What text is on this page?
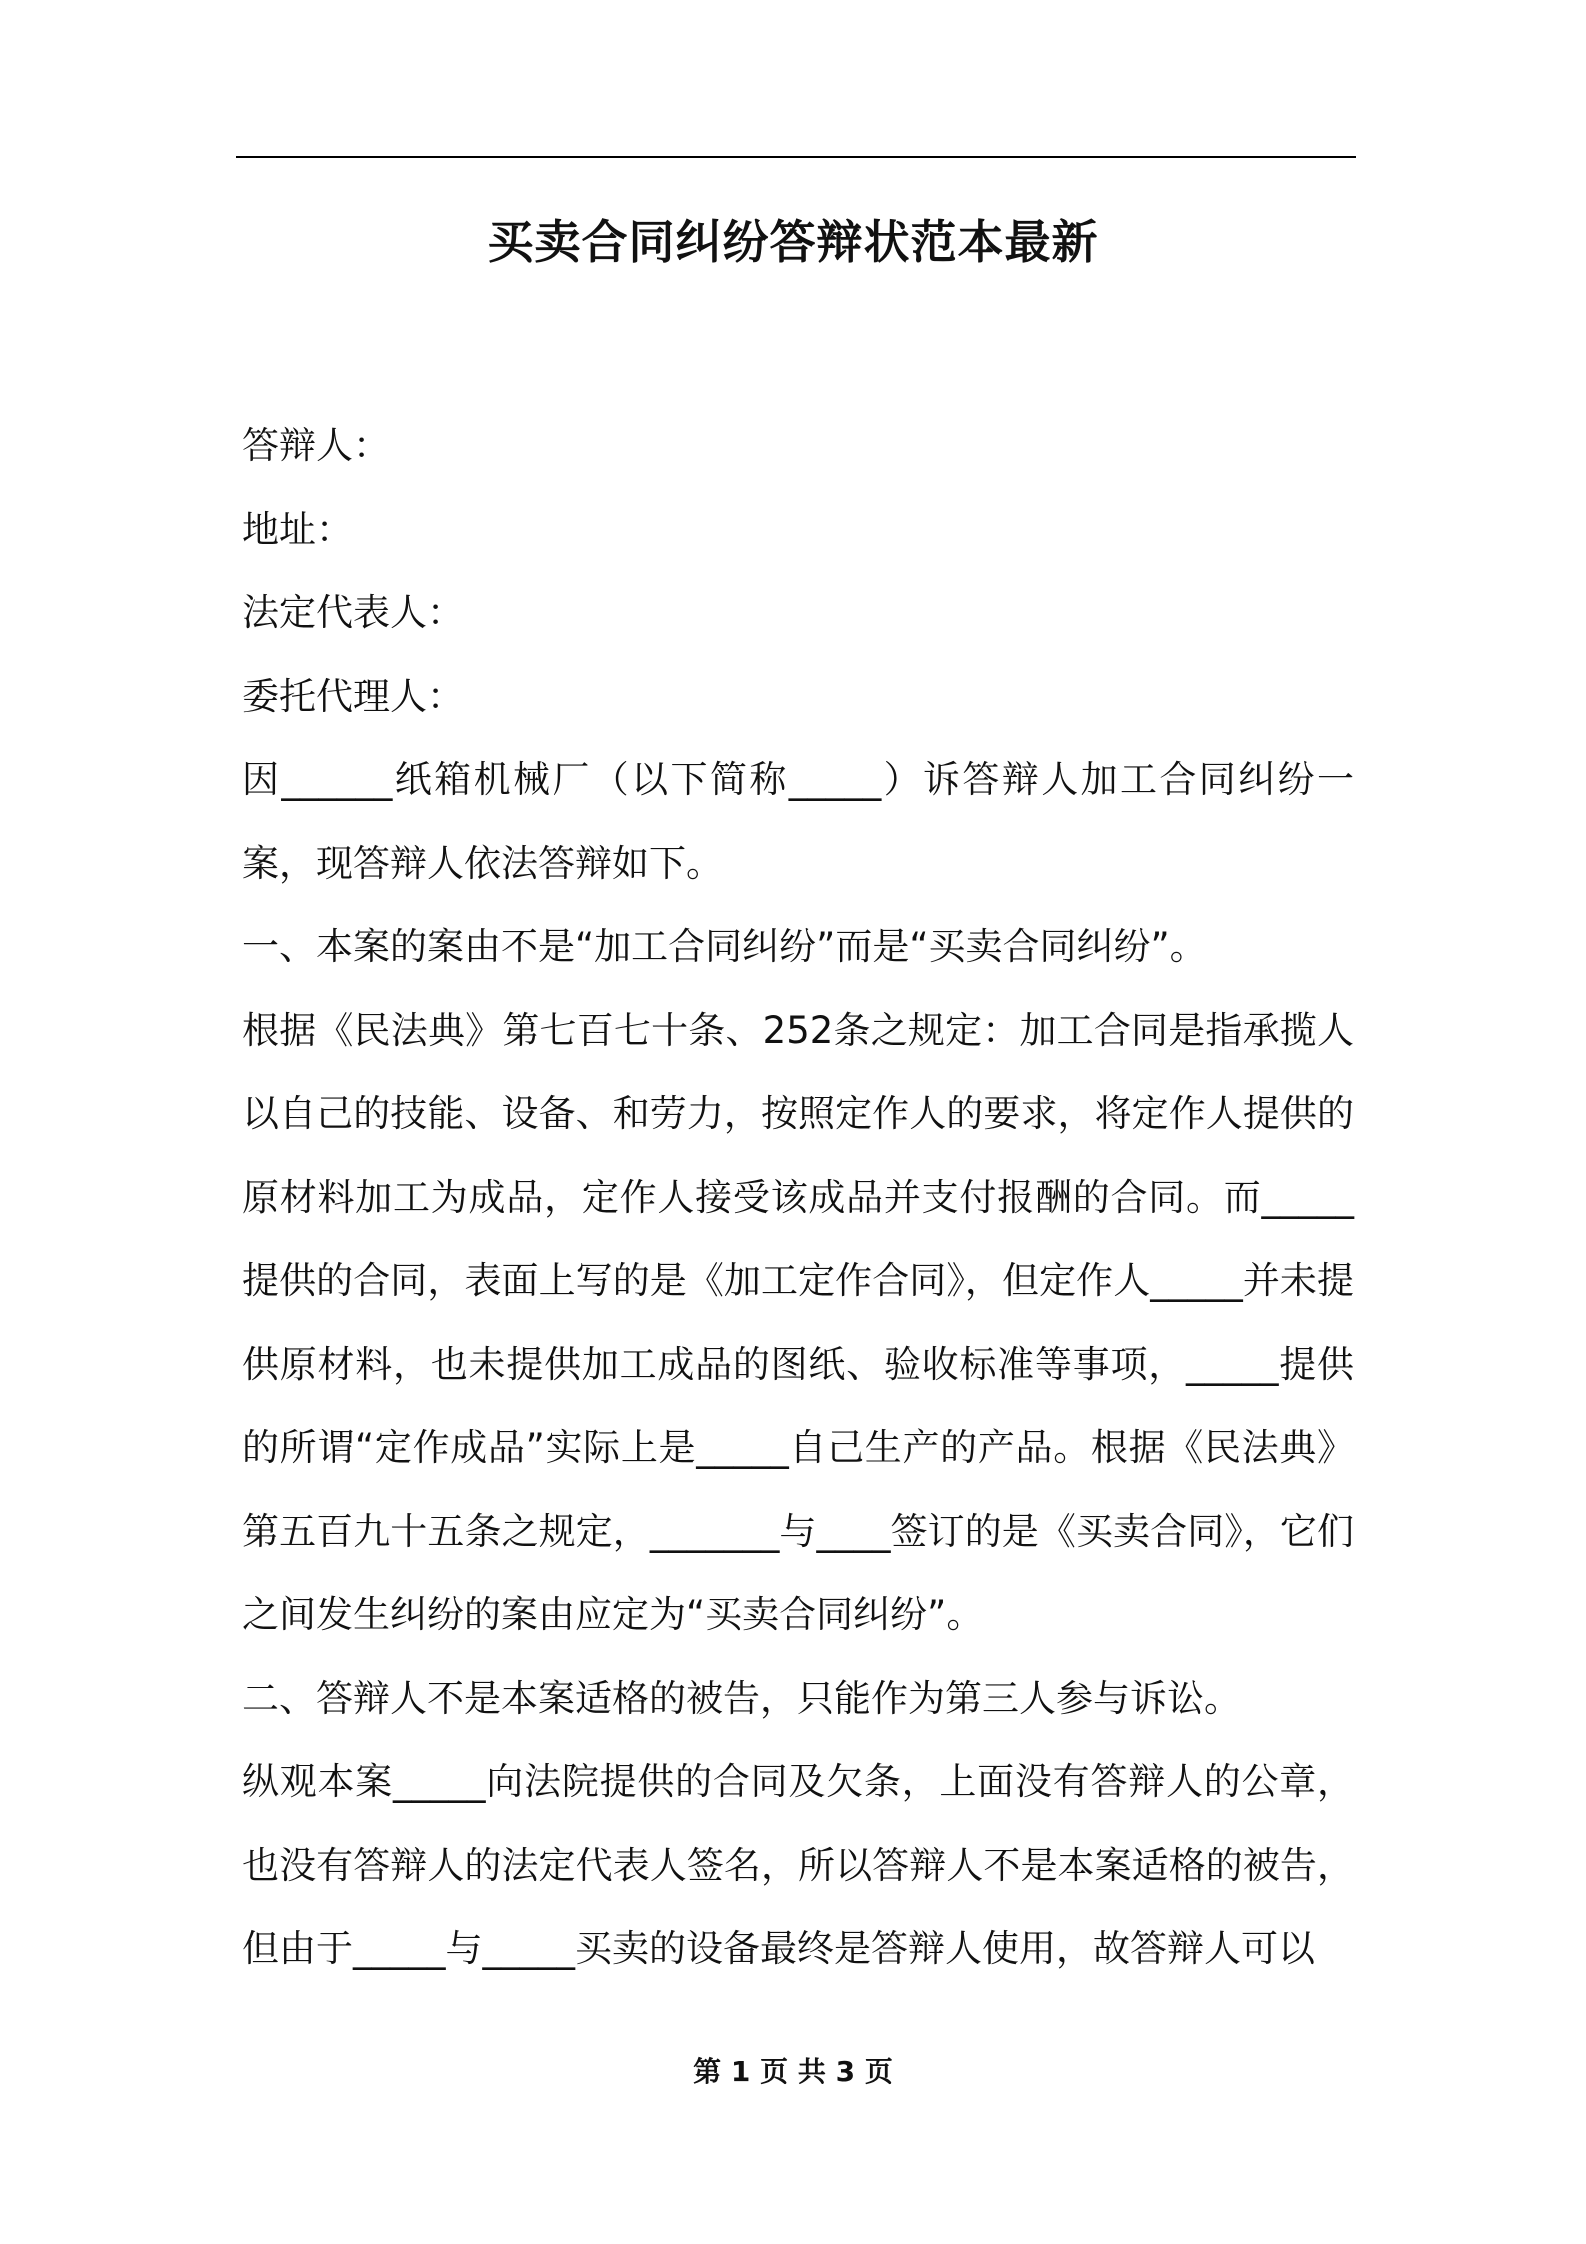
买卖合同纠纷答辩状范本最新

答辩人：

地址：

法定代表人：

委托代理人：

因______纸箱机械厂（以下简称_____）诉答辩人加工合同纠纷一案，现答辩人依法答辩如下。

一、本案的案由不是“加工合同纠纷”而是“买卖合同纠纷”。

根据《民法典》第七百七十条、252条之规定：加工合同是指承揽人以自己的技能、设备、和劳力，按照定作人的要求，将定作人提供的原材料加工为成品，定作人接受该成品并支付报酬的合同。而_____提供的合同，表面上写的是《加工定作合同》，但定作人_____并未提供原材料，也未提供加工成品的图纸、验收标准等事项，_____提供的所谓“定作成品”实际上是_____自己生产的产品。根据《民法典》第五百九十五条之规定，_______与____签订的是《买卖合同》，它们之间发生纠纷的案由应定为“买卖合同纠纷”。

二、答辩人不是本案适格的被告，只能作为第三人参与诉讼。

纵观本案_____向法院提供的合同及欠条，上面没有答辩人的公章，也没有答辩人的法定代表人签名，所以答辩人不是本案适格的被告，但由于_____与_____买卖的设备最终是答辩人使用，故答辩人可以

第 1 页 共 3 页
